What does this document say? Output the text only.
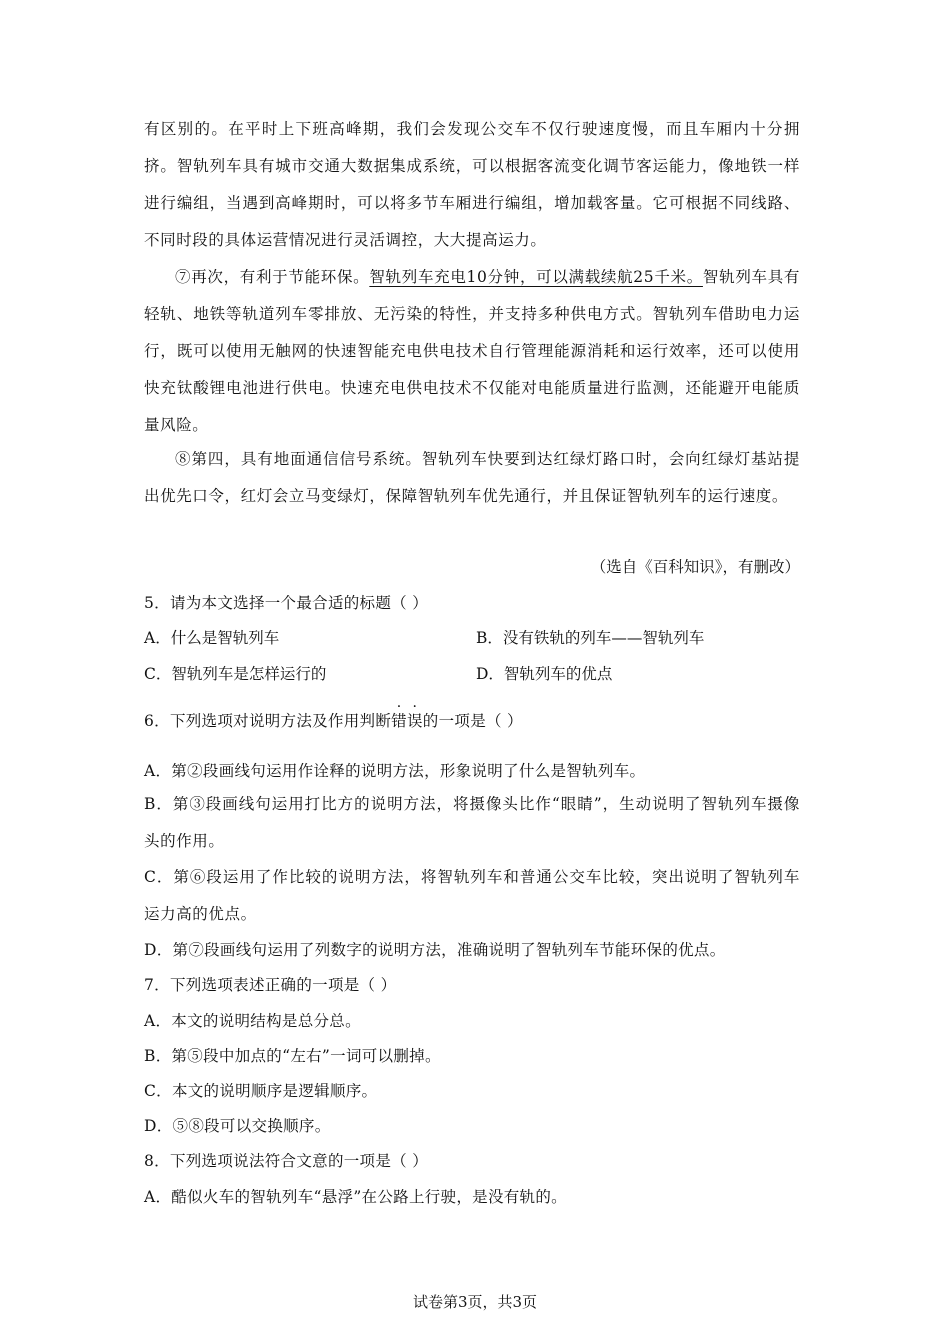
有区别的。在平时上下班高峰期，我们会发现公交车不仅行驶速度慢，而且车厢内十分拥挤。智轨列车具有城市交通大数据集成系统，可以根据客流变化调节客运能力，像地铁一样进行编组，当遇到高峰期时，可以将多节车厢进行编组，增加载客量。它可根据不同线路、不同时段的具体运营情况进行灵活调控，大大提高运力。

⑦再次，有利于节能环保。智轨列车充电10分钟，可以满载续航25千米。智轨列车具有轻轨、地铁等轨道列车零排放、无污染的特性，并支持多种供电方式。智轨列车借助电力运行，既可以使用无触网的快速智能充电供电技术自行管理能源消耗和运行效率，还可以使用快充钛酸锂电池进行供电。快速充电供电技术不仅能对电能质量进行监测，还能避开电能质量风险。

⑧第四，具有地面通信信号系统。智轨列车快要到达红绿灯路口时，会向红绿灯基站提出优先口令，红灯会立马变绿灯，保障智轨列车优先通行，并且保证智轨列车的运行速度。

（选自《百科知识》，有删改）
5．请为本文选择一个最合适的标题（ ）
A．什么是智轨列车	B．没有铁轨的列车——智轨列车
C．智轨列车是怎样运行的	D．智轨列车的优点
6．下列选项对说明方法及作用判断错误的一项是（ ）
A．第②段画线句运用作诠释的说明方法，形象说明了什么是智轨列车。

B．第③段画线句运用打比方的说明方法，将摄像头比作“眼睛”，生动说明了智轨列车摄像头的作用。

C．第⑥段运用了作比较的说明方法，将智轨列车和普通公交车比较，突出说明了智轨列车运力高的优点。

D．第⑦段画线句运用了列数字的说明方法，准确说明了智轨列车节能环保的优点。
7．下列选项表述正确的一项是（ ）
A．本文的说明结构是总分总。
B．第⑤段中加点的“左右”一词可以删掉。
C．本文的说明顺序是逻辑顺序。
D．⑤⑧段可以交换顺序。
8．下列选项说法符合文意的一项是（ ）
A．酷似火车的智轨列车“悬浮”在公路上行驶，是没有轨的。
试卷第3页，共3页
